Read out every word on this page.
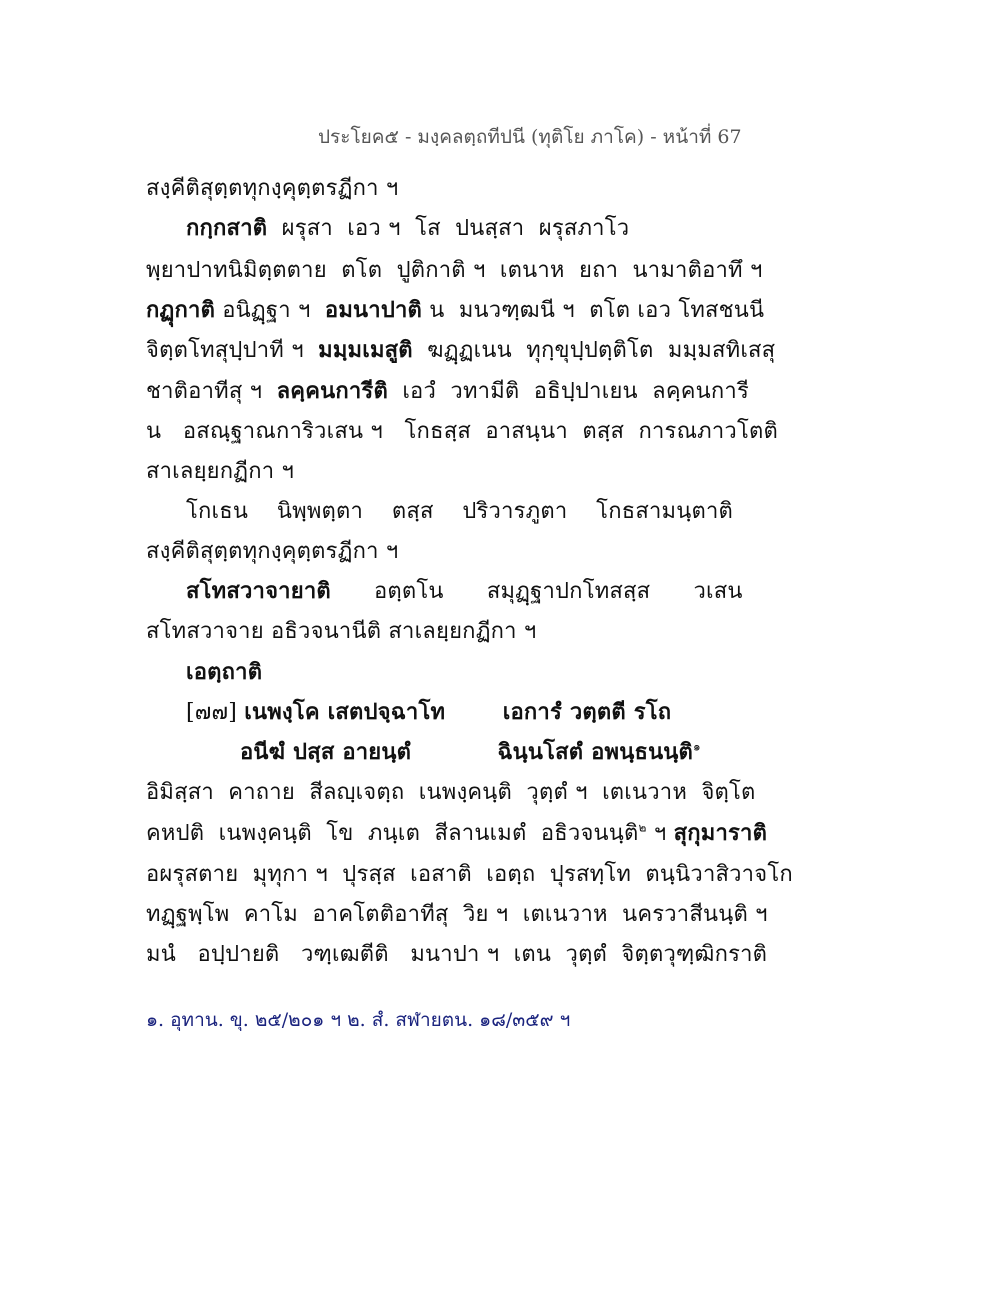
ประโยค๕ - มงฺคลตฺถทีปนี (ทุติโย ภาโค) - หน้าที่ 67
สงฺคีติสุตฺตทุกงฺคุตฺตรฏีกา ฯ
กกฺกสาติ  ผรุสา  เอว ฯ  โส  ปนสฺสา  ผรุสภาโว
พฺยาปาทนิมิตฺตตาย  ตโต  ปูติกาติ ฯ  เตนาห  ยถา  นามาติอาทึ ฯ
กฏุกาติ อนิฏฺฐา ฯ  อมนาปาติ น  มนวฑฺฒนี ฯ  ตโต เอว โทสชนนี
จิตฺตโทสุปฺปาที ฯ  มมฺมเมสูติ  ฆฏฺฏเนน  ทุกฺขุปฺปตฺติโต  มมฺมสทิเสสุ
ชาติอาทีสุ ฯ  ลคฺคนการีติ  เอวํ  วทามีติ  อธิปฺปาเยน  ลคฺคนการี
น   อสณฺฐาณการิวเสน ฯ   โกธสฺส  อาสนฺนา  ตสฺส  การณภาวโตติ
สาเลยฺยกฏีกา ฯ
โกเธน    นิพฺพตฺตา    ตสฺส    ปริวารภูตา    โกธสามนฺตาติ
สงฺคีติสุตฺตทุกงฺคุตฺตรฏีกา ฯ
สโทสวาจายาติ      อตฺตโน      สมุฏฺฐาปกโทสสฺส      วเสน
สโทสวาจาย อธิวจนานีติ สาเลยฺยกฏีกา ฯ
เอตฺถาติ
[๗๗] เนพงฺโค เสตปจฺฉาโท	เอการํ วตฺตตี รโถ
อนีฆํ ปสฺส อายนฺตํ	ฉินฺนโสตํ อพนฺธนนฺติ$^๑$
อิมิสฺสา  คาถาย  สีลญฺเจตฺถ  เนพงฺคนฺติ  วุตฺตํ ฯ  เตเนวาห  จิตฺโต
คหปติ  เนพงฺคนฺติ  โข  ภนฺเต  สีลานเมตํ  อธิวจนนฺติ$^๒$ ฯ สุกุมาราติ
อผรุสตาย  มุทุกา ฯ  ปุรสฺส  เอสาติ  เอตฺถ  ปุรสทฺโท  ตนฺนิวาสิวาจโก
ทฏฺฐพฺโพ  คาโม  อาคโตติอาทีสุ  วิย ฯ  เตเนวาห  นครวาสีนนฺติ ฯ
มนํ   อปฺปายติ   วฑฺเฒตีติ   มนาปา ฯ  เตน  วุตฺตํ  จิตฺตวุฑฺฒิกราติ
๑. อุทาน. ขุ. ๒๕/๒๐๑ ฯ ๒. สํ. สฬายตน. ๑๘/๓๕๙ ฯ
